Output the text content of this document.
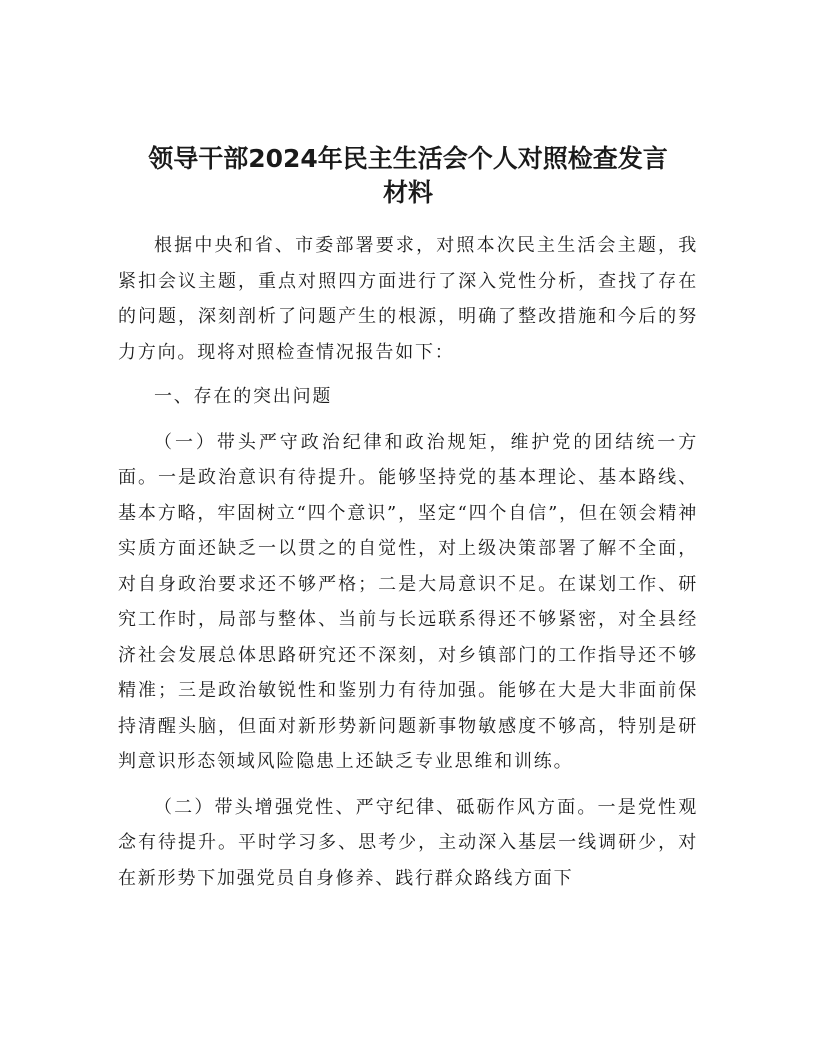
领导干部2024年民主生活会个人对照检查发言
材料

根据中央和省、市委部署要求，对照本次民主生活会主题，我紧扣会议主题，重点对照四方面进行了深入党性分析，查找了存在的问题，深刻剖析了问题产生的根源，明确了整改措施和今后的努力方向。现将对照检查情况报告如下：

一、存在的突出问题

（一）带头严守政治纪律和政治规矩，维护党的团结统一方面。一是政治意识有待提升。能够坚持党的基本理论、基本路线、基本方略，牢固树立“四个意识”，坚定“四个自信”，但在领会精神实质方面还缺乏一以贯之的自觉性，对上级决策部署了解不全面，对自身政治要求还不够严格；二是大局意识不足。在谋划工作、研究工作时，局部与整体、当前与长远联系得还不够紧密，对全县经济社会发展总体思路研究还不深刻，对乡镇部门的工作指导还不够精准；三是政治敏锐性和鉴别力有待加强。能够在大是大非面前保持清醒头脑，但面对新形势新问题新事物敏感度不够高，特别是研判意识形态领域风险隐患上还缺乏专业思维和训练。

（二）带头增强党性、严守纪律、砥砺作风方面。一是党性观念有待提升。平时学习多、思考少，主动深入基层一线调研少，对在新形势下加强党员自身修养、践行群众路线方面下
